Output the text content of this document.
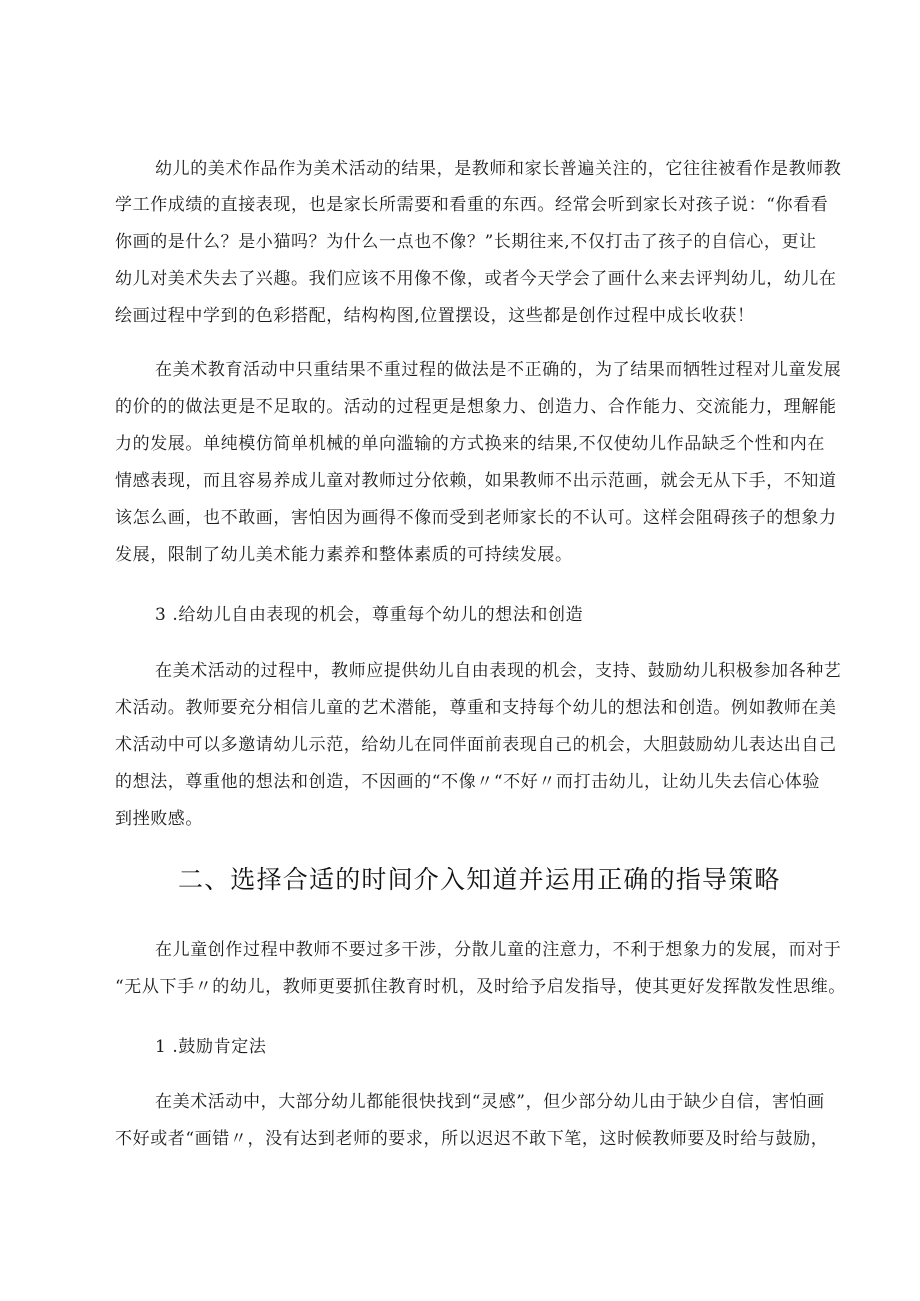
幼儿的美术作品作为美术活动的结果，是教师和家长普遍关注的，它往往被看作是教师教
学工作成绩的直接表现，也是家长所需要和看重的东西。经常会听到家长对孩子说：“你看看
你画的是什么？是小猫吗？为什么一点也不像？”长期往来,不仅打击了孩子的自信心，更让
幼儿对美术失去了兴趣。我们应该不用像不像，或者今天学会了画什么来去评判幼儿，幼儿在
绘画过程中学到的色彩搭配，结构构图,位置摆设，这些都是创作过程中成长收获！
在美术教育活动中只重结果不重过程的做法是不正确的，为了结果而牺牲过程对儿童发展
的价的的做法更是不足取的。活动的过程更是想象力、创造力、合作能力、交流能力，理解能
力的发展。单纯模仿简单机械的单向滥输的方式换来的结果,不仅使幼儿作品缺乏个性和内在
情感表现，而且容易养成儿童对教师过分依赖，如果教师不出示范画，就会无从下手，不知道
该怎么画，也不敢画，害怕因为画得不像而受到老师家长的不认可。这样会阻碍孩子的想象力
发展，限制了幼儿美术能力素养和整体素质的可持续发展。
3 .给幼儿自由表现的机会，尊重每个幼儿的想法和创造
在美术活动的过程中，教师应提供幼儿自由表现的机会，支持、鼓励幼儿积极参加各种艺
术活动。教师要充分相信儿童的艺术潜能，尊重和支持每个幼儿的想法和创造。例如教师在美
术活动中可以多邀请幼儿示范，给幼儿在同伴面前表现自己的机会，大胆鼓励幼儿表达出自己
的想法，尊重他的想法和创造，不因画的“不像〃“不好〃而打击幼儿，让幼儿失去信心体验
到挫败感。
二、选择合适的时间介入知道并运用正确的指导策略
在儿童创作过程中教师不要过多干涉，分散儿童的注意力，不利于想象力的发展，而对于
“无从下手〃的幼儿，教师更要抓住教育时机，及时给予启发指导，使其更好发挥散发性思维。
1 .鼓励肯定法
在美术活动中，大部分幼儿都能很快找到“灵感”，但少部分幼儿由于缺少自信，害怕画
不好或者“画错〃，没有达到老师的要求，所以迟迟不敢下笔，这时候教师要及时给与鼓励，
